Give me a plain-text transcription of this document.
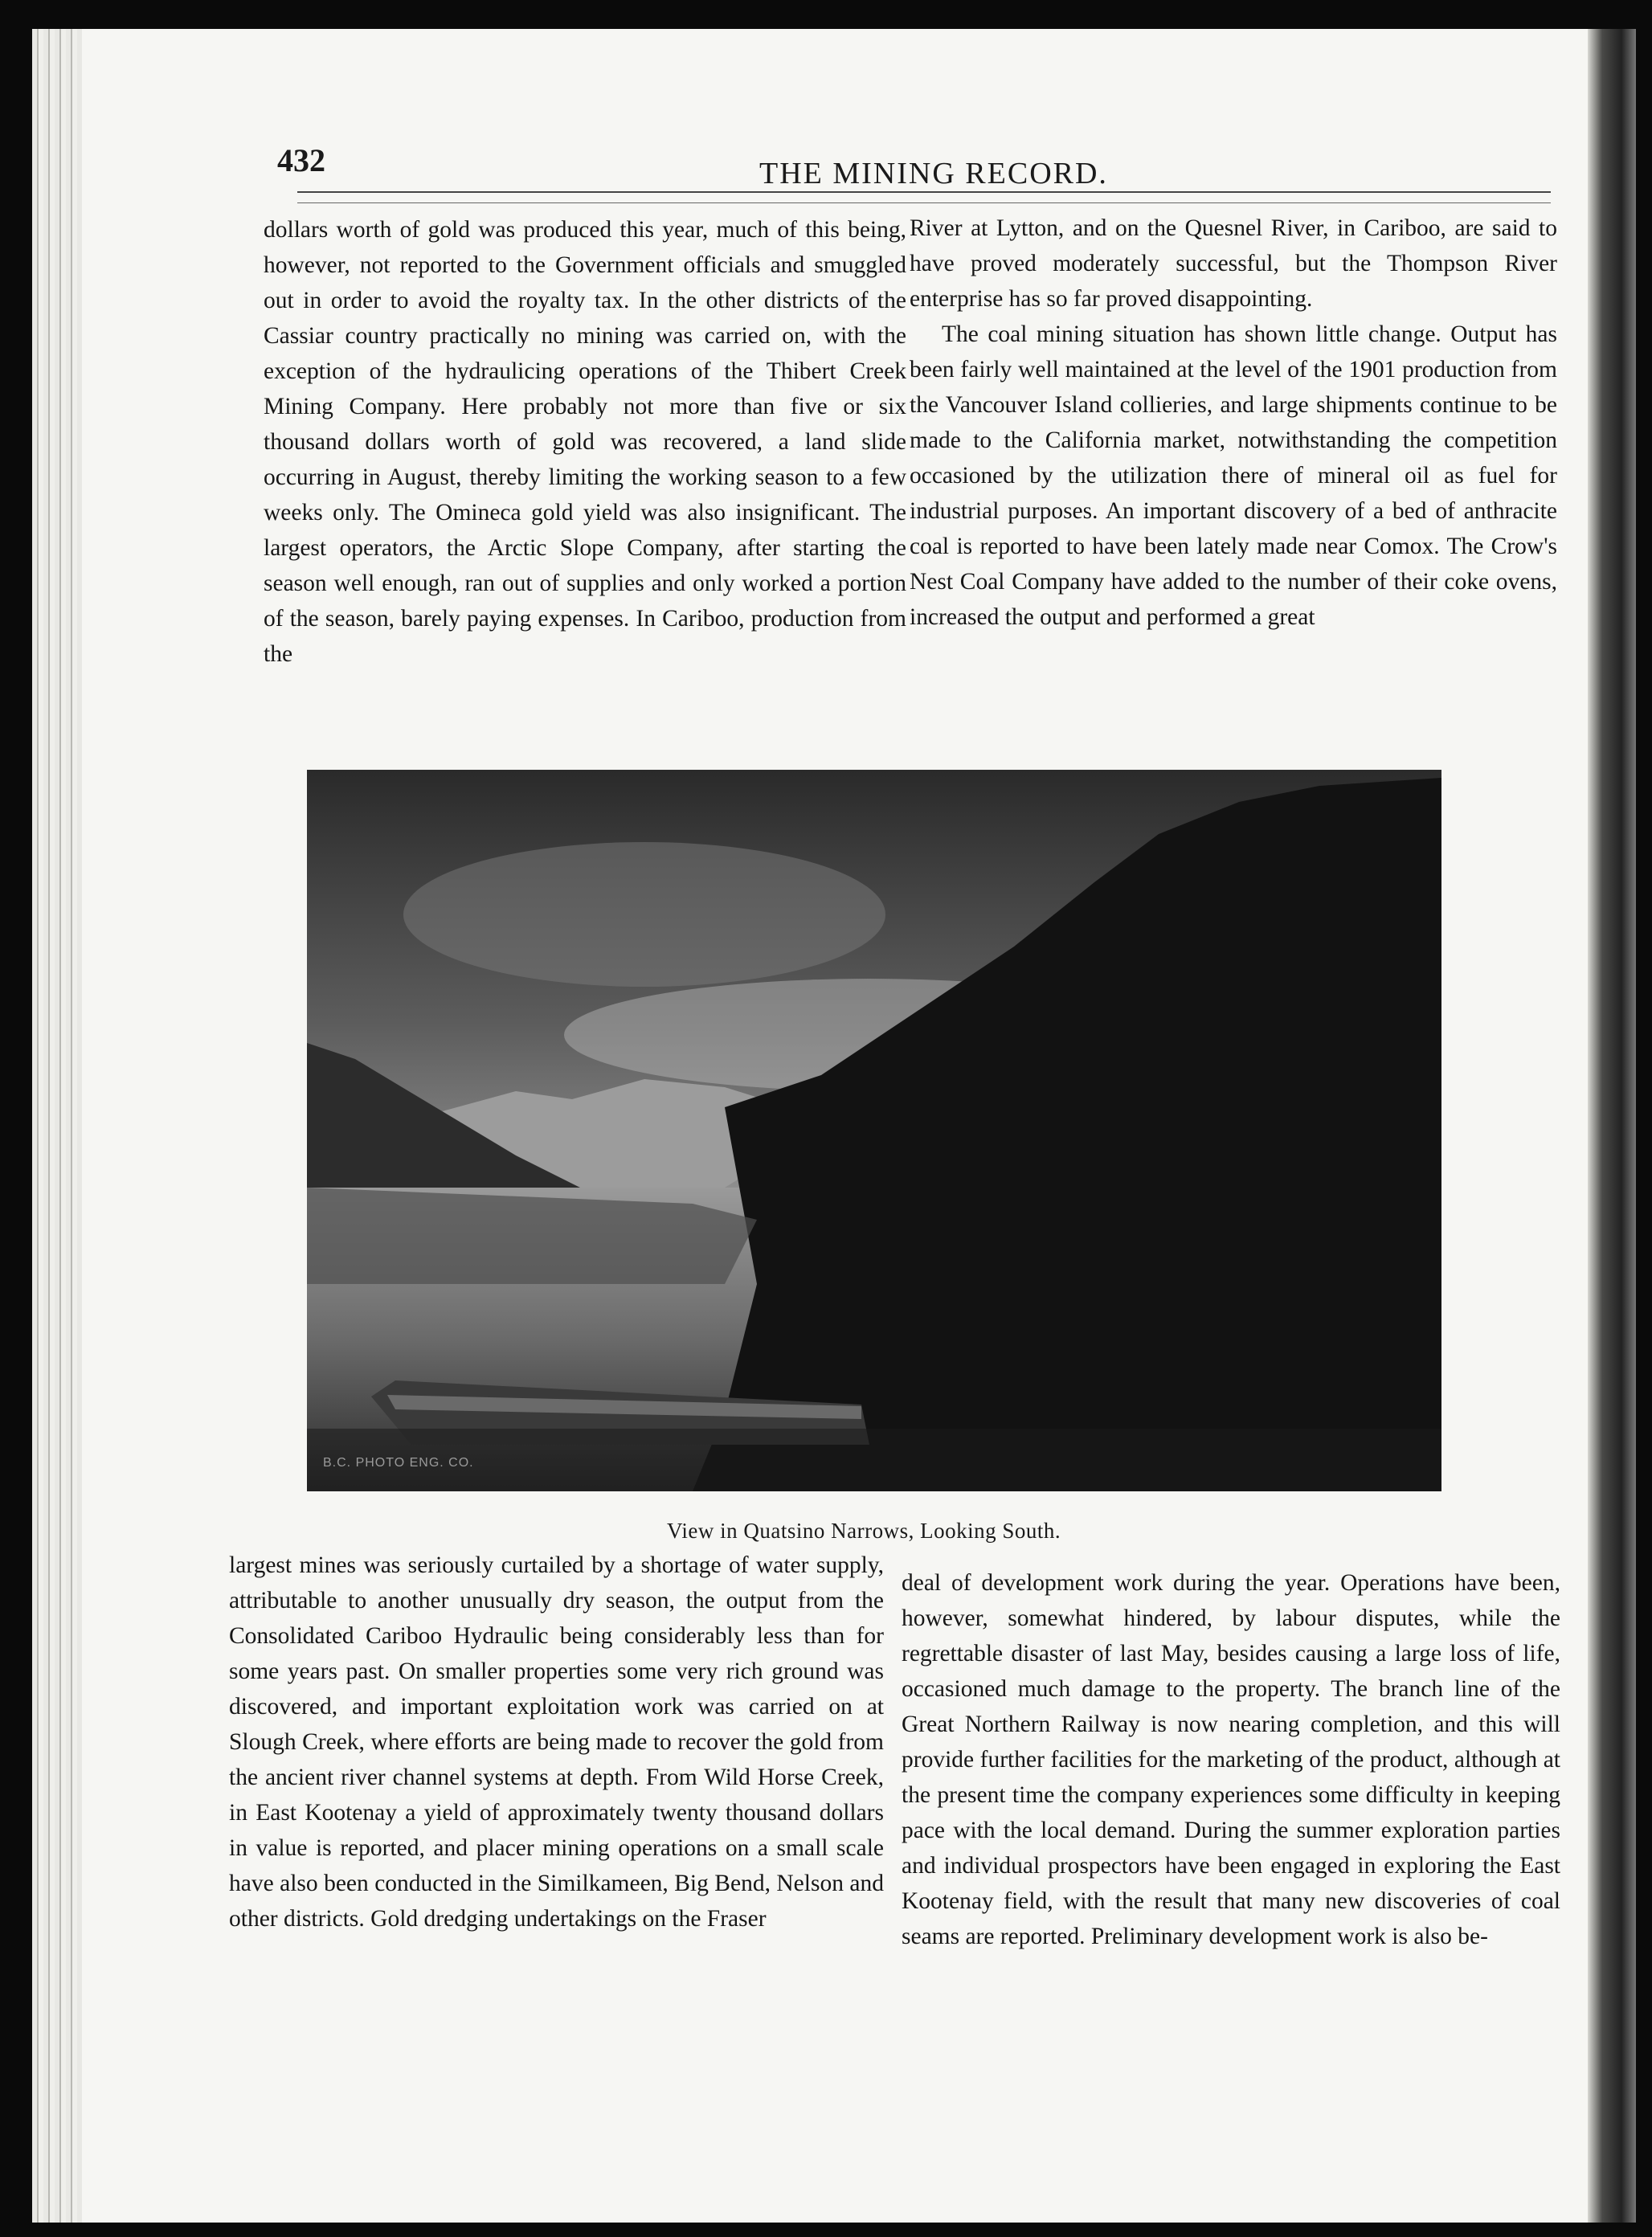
432	THE MINING RECORD.

dollars worth of gold was produced this year, much of this being, however, not reported to the Government officials and smuggled out in order to avoid the royalty tax. In the other districts of the Cassiar country practically no mining was carried on, with the exception of the hydraulicing operations of the Thibert Creek Mining Company. Here probably not more than five or six thousand dollars worth of gold was recovered, a land slide occurring in August, thereby limiting the working season to a few weeks only. The Omineca gold yield was also insignificant. The largest operators, the Arctic Slope Company, after starting the season well enough, ran out of supplies and only worked a portion of the season, barely paying expenses. In Cariboo, production from the

River at Lytton, and on the Quesnel River, in Cariboo, are said to have proved moderately successful, but the Thompson River enterprise has so far proved disappointing.

The coal mining situation has shown little change. Output has been fairly well maintained at the level of the 1901 production from the Vancouver Island collieries, and large shipments continue to be made to the California market, notwithstanding the competition occasioned by the utilization there of mineral oil as fuel for industrial purposes. An important discovery of a bed of anthracite coal is reported to have been lately made near Comox. The Crow's Nest Coal Company have added to the number of their coke ovens, increased the output and performed a great

B.C. PHOTO ENG. CO.
View in Quatsino Narrows, Looking South.

largest mines was seriously curtailed by a shortage of water supply, attributable to another unusually dry season, the output from the Consolidated Cariboo Hydraulic being considerably less than for some years past. On smaller properties some very rich ground was discovered, and important exploitation work was carried on at Slough Creek, where efforts are being made to recover the gold from the ancient river channel systems at depth. From Wild Horse Creek, in East Kootenay a yield of approximately twenty thousand dollars in value is reported, and placer mining operations on a small scale have also been conducted in the Similkameen, Big Bend, Nelson and other districts. Gold dredging undertakings on the Fraser

deal of development work during the year. Operations have been, however, somewhat hindered, by labour disputes, while the regrettable disaster of last May, besides causing a large loss of life, occasioned much damage to the property. The branch line of the Great Northern Railway is now nearing completion, and this will provide further facilities for the marketing of the product, although at the present time the company experiences some difficulty in keeping pace with the local demand. During the summer exploration parties and individual prospectors have been engaged in exploring the East Kootenay field, with the result that many new discoveries of coal seams are reported. Preliminary development work is also be-
